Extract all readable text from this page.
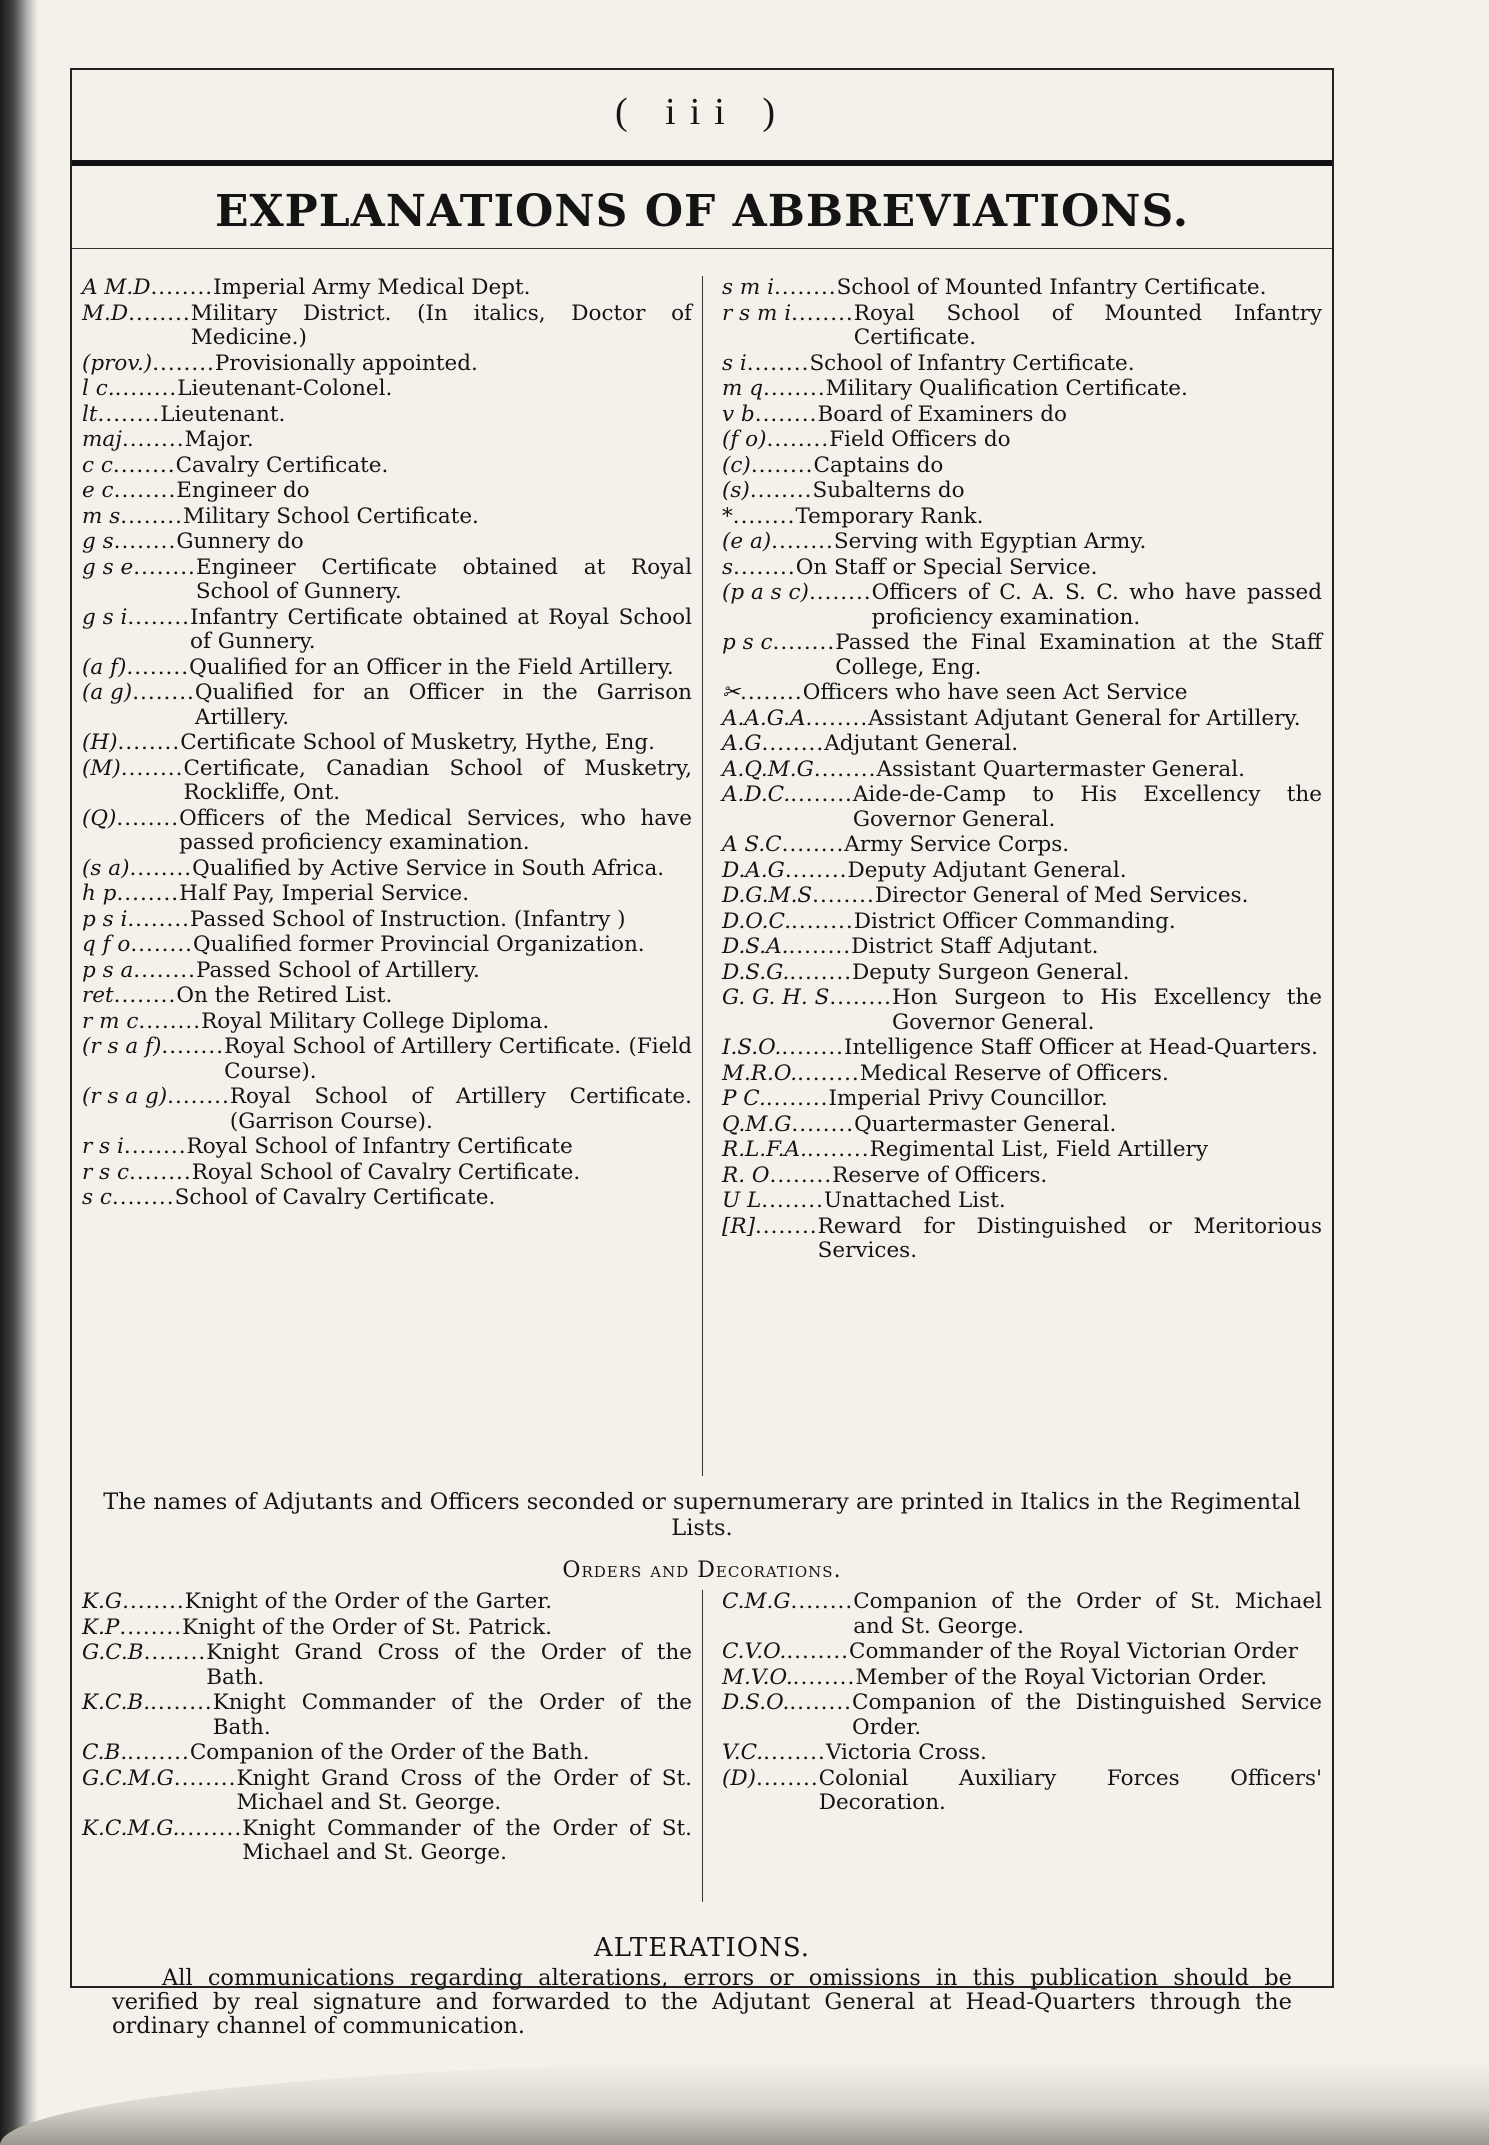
( iii )
EXPLANATIONS OF ABBREVIATIONS.
A M.D ........	Imperial Army Medical Dept.
M.D ........	Military District. (In italics, Doctor of Medicine.)
(prov.) ........	Provisionally appointed.
l c. ........	Lieutenant-Colonel.
lt ........	Lieutenant.
maj ........	Major.
c c ........	Cavalry Certificate.
e c ........	Engineer do
m s ........	Military School Certificate.
g s ........	Gunnery do
g s e ........	Engineer Certificate obtained at Royal School of Gunnery.
g s i ........	Infantry Certificate obtained at Royal School of Gunnery.
(a f) ........	Qualified for an Officer in the Field Artillery.
(a g) ........	Qualified for an Officer in the Garrison Artillery.
(H) ........	Certificate School of Musketry, Hythe, Eng.
(M) ........	Certificate, Canadian School of Musketry, Rockliffe, Ont.
(Q) ........	Officers of the Medical Services, who have passed proficiency examination.
(s a) ........	Qualified by Active Service in South Africa.
h p ........	Half Pay, Imperial Service.
p s i ........	Passed School of Instruction. (Infantry )
q f o ........	Qualified former Provincial Organization.
p s a ........	Passed School of Artillery.
ret ........	On the Retired List.
r m c ........	Royal Military College Diploma.
(r s a f) ........	Royal School of Artillery Certificate. (Field Course).
(r s a g) ........	Royal School of Artillery Certificate. (Garrison Course).
r s i ........	Royal School of Infantry Certificate
r s c ........	Royal School of Cavalry Certificate.
s c ........	School of Cavalry Certificate.
s m i ........	School of Mounted Infantry Certificate.
r s m i ........	Royal School of Mounted Infantry Certificate.
s i ........	School of Infantry Certificate.
m q ........	Military Qualification Certificate.
v b ........	Board of Examiners do
(f o) ........	Field Officers do
(c) ........	Captains do
(s) ........	Subalterns do
* ........	Temporary Rank.
(e a) ........	Serving with Egyptian Army.
s ........	On Staff or Special Service.
(p a s c) ........	Officers of C. A. S. C. who have passed proficiency examination.
p s c ........	Passed the Final Examination at the Staff College, Eng.
✂ ........	Officers who have seen Act Service
A.A.G.A ........	Assistant Adjutant General for Artillery.
A.G ........	Adjutant General.
A.Q.M.G ........	Assistant Quartermaster General.
A.D.C. ........	Aide-de-Camp to His Excellency the Governor General.
A S.C ........	Army Service Corps.
D.A.G ........	Deputy Adjutant General.
D.G.M.S ........	Director General of Med Services.
D.O.C. ........	District Officer Commanding.
D.S.A. ........	District Staff Adjutant.
D.S.G. ........	Deputy Surgeon General.
G. G. H. S ........	Hon Surgeon to His Excellency the Governor General.
I.S.O. ........	Intelligence Staff Officer at Head-Quarters.
M.R.O. ........	Medical Reserve of Officers.
P C. ........	Imperial Privy Councillor.
Q.M.G ........	Quartermaster General.
R.L.F.A. ........	Regimental List, Field Artillery
R. O ........	Reserve of Officers.
U L ........	Unattached List.
[R] ........	Reward for Distinguished or Meritorious Services.
The names of Adjutants and Officers seconded or supernumerary are printed in Italics in the Regimental Lists.
Orders and Decorations.
K.G ........	Knight of the Order of the Garter.
K.P ........	Knight of the Order of St. Patrick.
G.C.B ........	Knight Grand Cross of the Order of the Bath.
K.C.B. ........	Knight Commander of the Order of the Bath.
C.B. ........	Companion of the Order of the Bath.
G.C.M.G ........	Knight Grand Cross of the Order of St. Michael and St. George.
K.C.M.G. ........	Knight Commander of the Order of St. Michael and St. George.
C.M.G ........	Companion of the Order of St. Michael and St. George.
C.V.O. ........	Commander of the Royal Victorian Order
M.V.O. ........	Member of the Royal Victorian Order.
D.S.O. ........	Companion of the Distinguished Service Order.
V.C. ........	Victoria Cross.
(D) ........	Colonial Auxiliary Forces Officers' Decoration.
ALTERATIONS.
All communications regarding alterations, errors or omissions in this publication should be verified by real signature and forwarded to the Adjutant General at Head-Quarters through the ordinary channel of communication.
